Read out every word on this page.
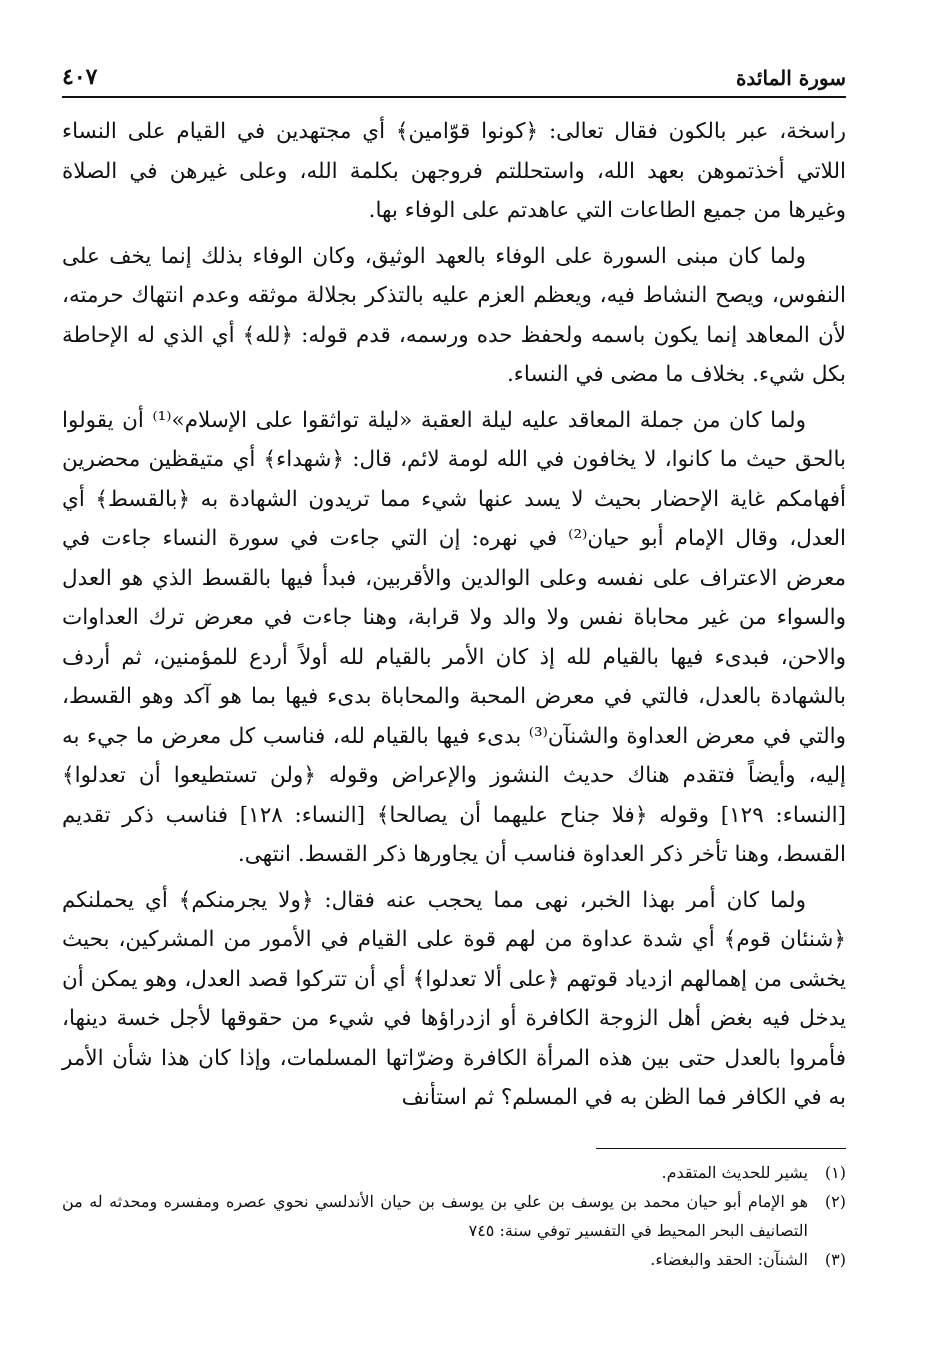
سورة المائدة
٤٠٧

راسخة، عبر بالكون فقال تعالى: ﴿كونوا قوّامين﴾ أي مجتهدين في القيام على النساء اللاتي أخذتموهن بعهد الله، واستحللتم فروجهن بكلمة الله، وعلى غيرهن في الصلاة وغيرها من جميع الطاعات التي عاهدتم على الوفاء بها.

ولما كان مبنى السورة على الوفاء بالعهد الوثيق، وكان الوفاء بذلك إنما يخف على النفوس، ويصح النشاط فيه، ويعظم العزم عليه بالتذكر بجلالة موثقه وعدم انتهاك حرمته، لأن المعاهد إنما يكون باسمه ولحفظ حده ورسمه، قدم قوله: ﴿لله﴾ أي الذي له الإحاطة بكل شيء. بخلاف ما مضى في النساء.

ولما كان من جملة المعاقد عليه ليلة العقبة «ليلة تواثقوا على الإسلام»⁽¹⁾ أن يقولوا بالحق حيث ما كانوا، لا يخافون في الله لومة لائم، قال: ﴿شهداء﴾ أي متيقظين محضرين أفهامكم غاية الإحضار بحيث لا يسد عنها شيء مما تريدون الشهادة به ﴿بالقسط﴾ أي العدل، وقال الإمام أبو حيان⁽²⁾ في نهره: إن التي جاءت في سورة النساء جاءت في معرض الاعتراف على نفسه وعلى الوالدين والأقربين، فبدأ فيها بالقسط الذي هو العدل والسواء من غير محاباة نفس ولا والد ولا قرابة، وهنا جاءت في معرض ترك العداوات والاحن، فبدىء فيها بالقيام لله إذ كان الأمر بالقيام لله أولاً أردع للمؤمنين، ثم أردف بالشهادة بالعدل، فالتي في معرض المحبة والمحاباة بدىء فيها بما هو آكد وهو القسط، والتي في معرض العداوة والشنآن⁽³⁾ بدىء فيها بالقيام لله، فناسب كل معرض ما جيء به إليه، وأيضاً فتقدم هناك حديث النشوز والإعراض وقوله ﴿ولن تستطيعوا أن تعدلوا﴾[النساء: ١٢٩] وقوله ﴿فلا جناح عليهما أن يصالحا﴾ [النساء: ١٢٨] فناسب ذكر تقديم القسط، وهنا تأخر ذكر العداوة فناسب أن يجاورها ذكر القسط. انتهى.

ولما كان أمر بهذا الخبر، نهى مما يحجب عنه فقال: ﴿ولا يجرمنكم﴾ أي يحملنكم ﴿شنئان قوم﴾ أي شدة عداوة من لهم قوة على القيام في الأمور من المشركين، بحيث يخشى من إهمالهم ازدياد قوتهم ﴿على ألا تعدلوا﴾ أي أن تتركوا قصد العدل، وهو يمكن أن يدخل فيه بغض أهل الزوجة الكافرة أو ازدراؤها في شيء من حقوقها لأجل خسة دينها، فأمروا بالعدل حتى بين هذه المرأة الكافرة وضرّاتها المسلمات، وإذا كان هذا شأن الأمر به في الكافر فما الظن به في المسلم؟ ثم استأنف

(١)
يشير للحديث المتقدم.
(٢)
هو الإمام أبو حيان محمد بن يوسف بن علي بن يوسف بن حيان الأندلسي نحوي عصره ومفسره ومحدثه له من التصانيف البحر المحيط في التفسير توفي سنة: ٧٤٥
(٣)
الشنآن: الحقد والبغضاء.
